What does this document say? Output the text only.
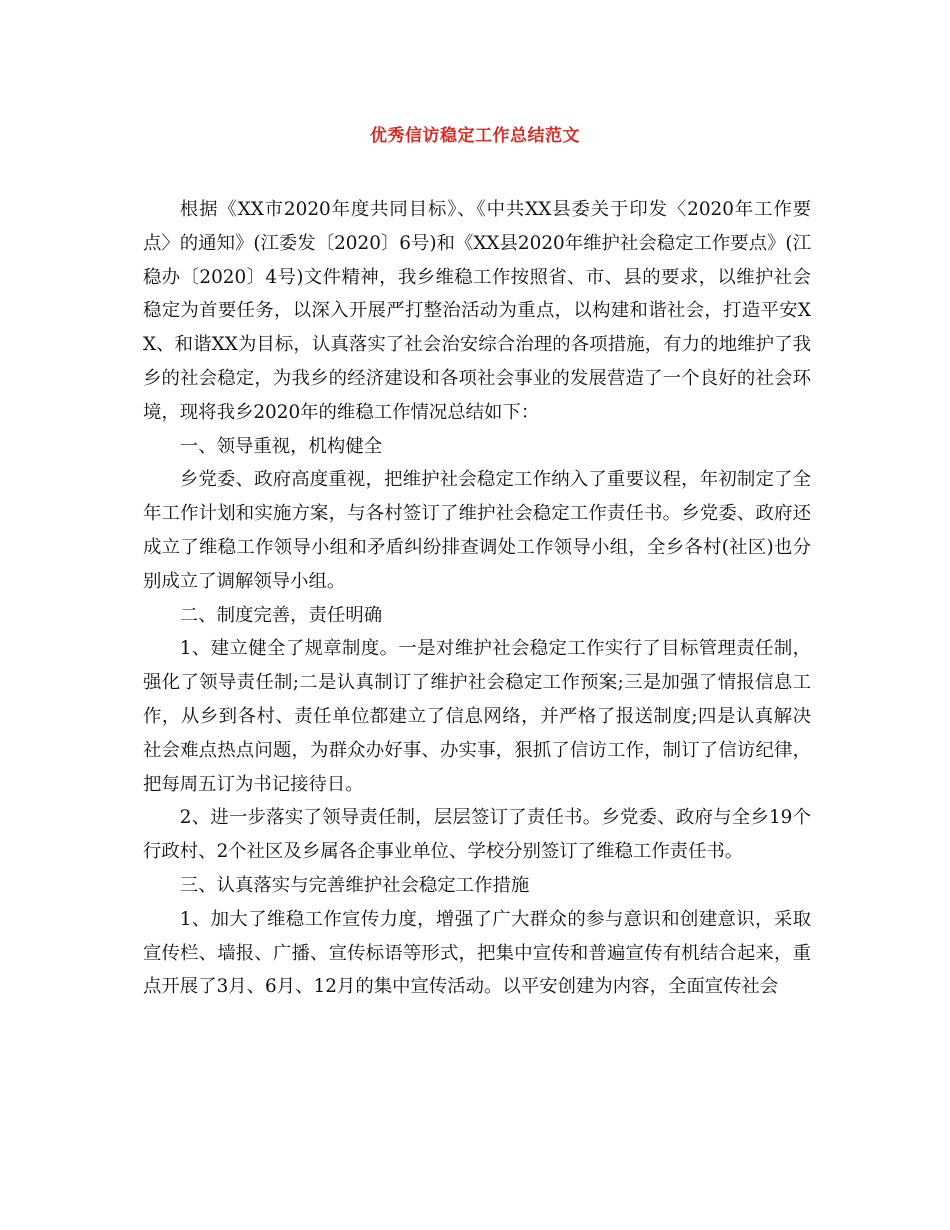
优秀信访稳定工作总结范文

根据《XX市2020年度共同目标》、《中共XX县委关于印发〈2020年工作要点〉的通知》(江委发〔2020〕6号)和《XX县2020年维护社会稳定工作要点》(江稳办〔2020〕4号)文件精神，我乡维稳工作按照省、市、县的要求，以维护社会稳定为首要任务，以深入开展严打整治活动为重点，以构建和谐社会，打造平安XX、和谐XX为目标，认真落实了社会治安综合治理的各项措施，有力的地维护了我乡的社会稳定，为我乡的经济建设和各项社会事业的发展营造了一个良好的社会环境，现将我乡2020年的维稳工作情况总结如下：

一、领导重视，机构健全

乡党委、政府高度重视，把维护社会稳定工作纳入了重要议程，年初制定了全年工作计划和实施方案，与各村签订了维护社会稳定工作责任书。乡党委、政府还成立了维稳工作领导小组和矛盾纠纷排查调处工作领导小组，全乡各村(社区)也分别成立了调解领导小组。

二、制度完善，责任明确

1、建立健全了规章制度。一是对维护社会稳定工作实行了目标管理责任制，强化了领导责任制;二是认真制订了维护社会稳定工作预案;三是加强了情报信息工作，从乡到各村、责任单位都建立了信息网络，并严格了报送制度;四是认真解决社会难点热点问题，为群众办好事、办实事，狠抓了信访工作，制订了信访纪律，把每周五订为书记接待日。

2、进一步落实了领导责任制，层层签订了责任书。乡党委、政府与全乡19个行政村、2个社区及乡属各企事业单位、学校分别签订了维稳工作责任书。

三、认真落实与完善维护社会稳定工作措施

1、加大了维稳工作宣传力度，增强了广大群众的参与意识和创建意识，采取宣传栏、墙报、广播、宣传标语等形式，把集中宣传和普遍宣传有机结合起来，重点开展了3月、6月、12月的集中宣传活动。以平安创建为内容，全面宣传社会
